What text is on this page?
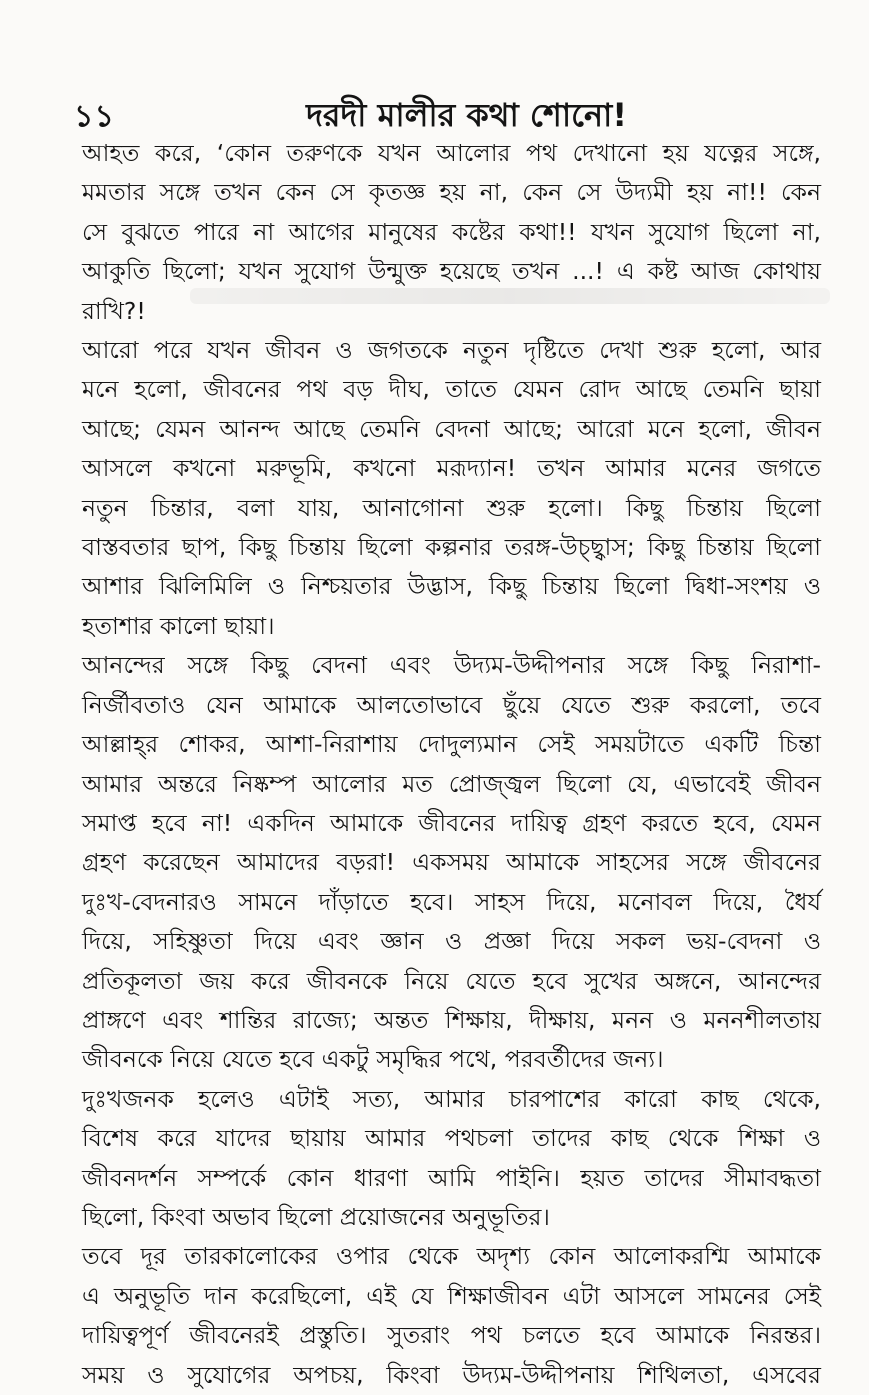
১১	দরদী মালীর কথা শোনো!
আহত করে, ‘কোন তরুণকে যখন আলোর পথ দেখানো হয় যত্নের সঙ্গে,
মমতার সঙ্গে তখন কেন সে কৃতজ্ঞ হয় না, কেন সে উদ্যমী হয় না!! কেন
সে বুঝতে পারে না আগের মানুষের কষ্টের কথা!! যখন সুযোগ ছিলো না,
আকুতি ছিলো; যখন সুযোগ উন্মুক্ত হয়েছে তখন ...! এ কষ্ট আজ কোথায়
রাখি?!
আরো পরে যখন জীবন ও জগতকে নতুন দৃষ্টিতে দেখা শুরু হলো, আর
মনে হলো, জীবনের পথ বড় দীঘ, তাতে যেমন রোদ আছে তেমনি ছায়া
আছে; যেমন আনন্দ আছে তেমনি বেদনা আছে; আরো মনে হলো, জীবন
আসলে কখনো মরুভূমি, কখনো মরূদ্যান! তখন আমার মনের জগতে
নতুন চিন্তার, বলা যায়, আনাগোনা শুরু হলো। কিছু চিন্তায় ছিলো
বাস্তবতার ছাপ, কিছু চিন্তায় ছিলো কল্পনার তরঙ্গ-উচ্ছ্বাস; কিছু চিন্তায় ছিলো
আশার ঝিলিমিলি ও নিশ্চয়তার উদ্ভাস, কিছু চিন্তায় ছিলো দ্বিধা-সংশয় ও
হতাশার কালো ছায়া।
আনন্দের সঙ্গে কিছু বেদনা এবং উদ্যম-উদ্দীপনার সঙ্গে কিছু নিরাশা-
নির্জীবতাও যেন আমাকে আলতোভাবে ছুঁয়ে যেতে শুরু করলো, তবে
আল্লাহ্‌র শোকর, আশা-নিরাশায় দোদুল্যমান সেই সময়টাতে একটি চিন্তা
আমার অন্তরে নিষ্কম্প আলোর মত প্রোজ্জ্বল ছিলো যে, এভাবেই জীবন
সমাপ্ত হবে না! একদিন আমাকে জীবনের দায়িত্ব গ্রহণ করতে হবে, যেমন
গ্রহণ করেছেন আমাদের বড়রা! একসময় আমাকে সাহসের সঙ্গে জীবনের
দুঃখ-বেদনারও সামনে দাঁড়াতে হবে। সাহস দিয়ে, মনোবল দিয়ে, ধৈর্য
দিয়ে, সহিষ্ণুতা দিয়ে এবং জ্ঞান ও প্রজ্ঞা দিয়ে সকল ভয়-বেদনা ও
প্রতিকূলতা জয় করে জীবনকে নিয়ে যেতে হবে সুখের অঙ্গনে, আনন্দের
প্রাঙ্গণে এবং শান্তির রাজ্যে; অন্তত শিক্ষায়, দীক্ষায়, মনন ও মননশীলতায়
জীবনকে নিয়ে যেতে হবে একটু সমৃদ্ধির পথে, পরবর্তীদের জন্য।
দুঃখজনক হলেও এটাই সত্য, আমার চারপাশের কারো কাছ থেকে,
বিশেষ করে যাদের ছায়ায় আমার পথচলা তাদের কাছ থেকে শিক্ষা ও
জীবনদর্শন সম্পর্কে কোন ধারণা আমি পাইনি। হয়ত তাদের সীমাবদ্ধতা
ছিলো, কিংবা অভাব ছিলো প্রয়োজনের অনুভূতির।
তবে দূর তারকালোকের ওপার থেকে অদৃশ্য কোন আলোকরশ্মি আমাকে
এ অনুভূতি দান করেছিলো, এই যে শিক্ষাজীবন এটা আসলে সামনের সেই
দায়িত্বপূর্ণ জীবনেরই প্রস্তুতি। সুতরাং পথ চলতে হবে আমাকে নিরন্তর।
সময় ও সুযোগের অপচয়, কিংবা উদ্যম-উদ্দীপনায় শিথিলতা, এসবের
